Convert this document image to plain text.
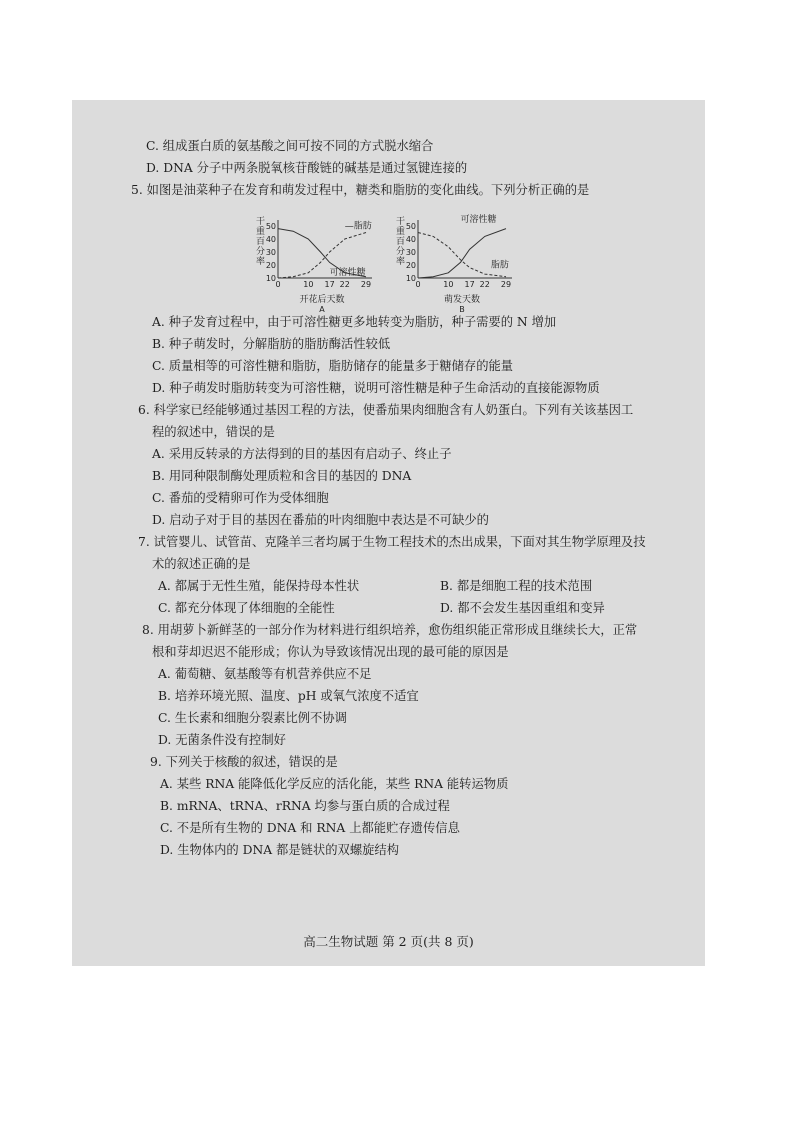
C. 组成蛋白质的氨基酸之间可按不同的方式脱水缩合
D. DNA 分子中两条脱氧核苷酸链的碱基是通过氢键连接的
5. 如图是油菜种子在发育和萌发过程中，糖类和脂肪的变化曲线。下列分析正确的是
A. 种子发育过程中，由于可溶性糖更多地转变为脂肪，种子需要的 N 增加
B. 种子萌发时，分解脂肪的脂肪酶活性较低
C. 质量相等的可溶性糖和脂肪，脂肪储存的能量多于糖储存的能量
D. 种子萌发时脂肪转变为可溶性糖，说明可溶性糖是种子生命活动的直接能源物质
6. 科学家已经能够通过基因工程的方法，使番茄果肉细胞含有人奶蛋白。下列有关该基因工
程的叙述中，错误的是
A. 采用反转录的方法得到的目的基因有启动子、终止子
B. 用同种限制酶处理质粒和含目的基因的 DNA
C. 番茄的受精卵可作为受体细胞
D. 启动子对于目的基因在番茄的叶肉细胞中表达是不可缺少的
7. 试管婴儿、试管苗、克隆羊三者均属于生物工程技术的杰出成果，下面对其生物学原理及技
术的叙述正确的是
A. 都属于无性生殖，能保持母本性状	B. 都是细胞工程的技术范围
C. 都充分体现了体细胞的全能性	D. 都不会发生基因重组和变异
8. 用胡萝卜新鲜茎的一部分作为材料进行组织培养，愈伤组织能正常形成且继续长大，正常
根和芽却迟迟不能形成；你认为导致该情况出现的最可能的原因是
A. 葡萄糖、氨基酸等有机营养供应不足
B. 培养环境光照、温度、pH 或氧气浓度不适宜
C. 生长素和细胞分裂素比例不协调
D. 无菌条件没有控制好
9. 下列关于核酸的叙述，错误的是
A. 某些 RNA 能降低化学反应的活化能，某些 RNA 能转运物质
B. mRNA、tRNA、rRNA 均参与蛋白质的合成过程
C. 不是所有生物的 DNA 和 RNA 上都能贮存遗传信息
D. 生物体内的 DNA 都是链状的双螺旋结构
干
重
百
分
率
10
20
30
40
50
0	10 17 22 29
开花后天数
A
—脂肪
可溶性糖
干
重
百
分
率
10
20
30
40
50
0	10 17 22 29
萌发天数
B
可溶性糖
脂肪
高二生物试题 第 2 页(共 8 页)
